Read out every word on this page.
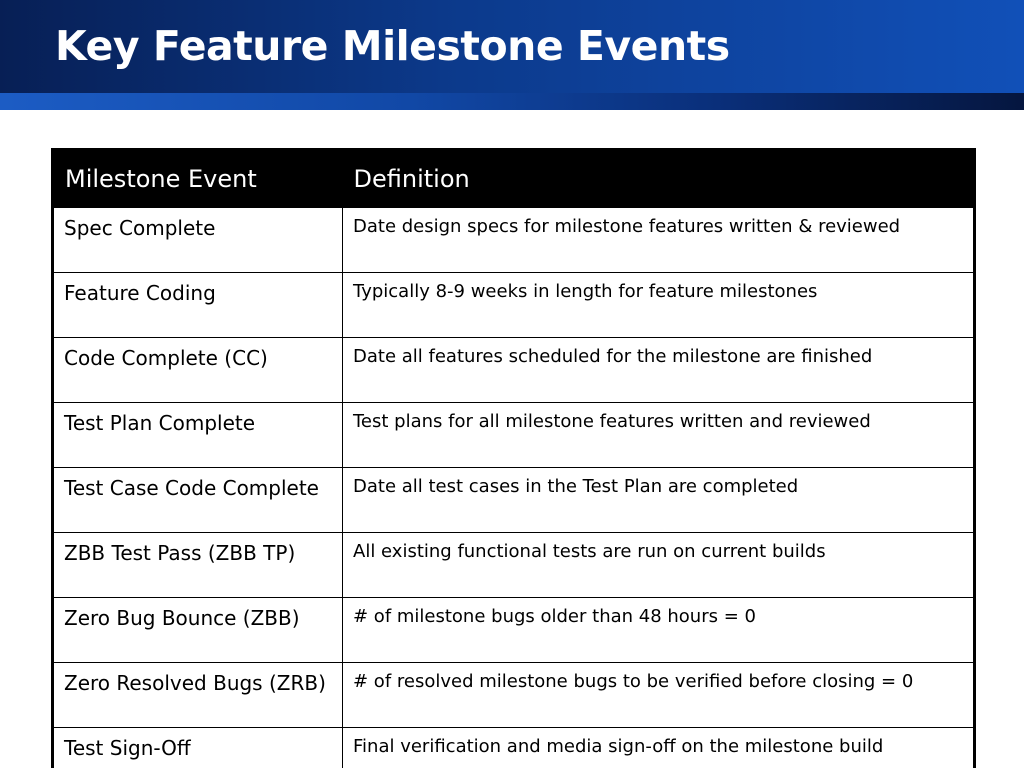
Key Feature Milestone Events
Milestone Event	Definition
Spec Complete	Date design specs for milestone features written & reviewed
Feature Coding	Typically 8-9 weeks in length for feature milestones
Code Complete (CC)	Date all features scheduled for the milestone are finished
Test Plan Complete	Test plans for all milestone features written and reviewed
Test Case Code Complete	Date all test cases in the Test Plan are completed
ZBB Test Pass (ZBB TP)	All existing functional tests are run on current builds
Zero Bug Bounce (ZBB)	# of milestone bugs older than 48 hours = 0
Zero Resolved Bugs (ZRB)	# of resolved milestone bugs to be verified before closing = 0
Test Sign-Off	Final verification and media sign-off on the milestone build
